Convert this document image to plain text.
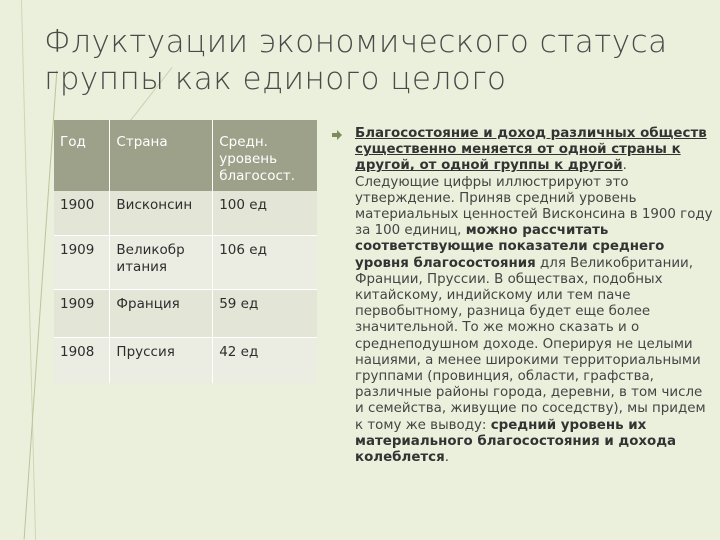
Флуктуации экономического статуса группы как единого целого
Год	Страна	Средн. уровень благосост.
1900	Висконсин	100 ед
1909	Великобр итания	106 ед
1909	Франция	59 ед
1908	Пруссия	42 ед

Благосостояние и доход различных обществ существенно меняется от одной страны к другой, от одной группы к другой. Следующие цифры иллюстрируют это утверждение. Приняв средний уровень материальных ценностей Висконсина в 1900 году за 100 единиц, можно рассчитать соответствующие показатели среднего уровня благосостояния для Великобритании, Франции, Пруссии. В обществах, подобных китайскому, индийскому или тем паче первобытному, разница будет еще более значительной. То же можно сказать и о среднеподушном доходе. Оперируя не целыми нациями, а менее широкими территориальными группами (провинция, области, графства, различные районы города, деревни, в том числе и семейства, живущие по соседству), мы придем к тому же выводу: средний уровень их материального благосостояния и дохода колеблется.
